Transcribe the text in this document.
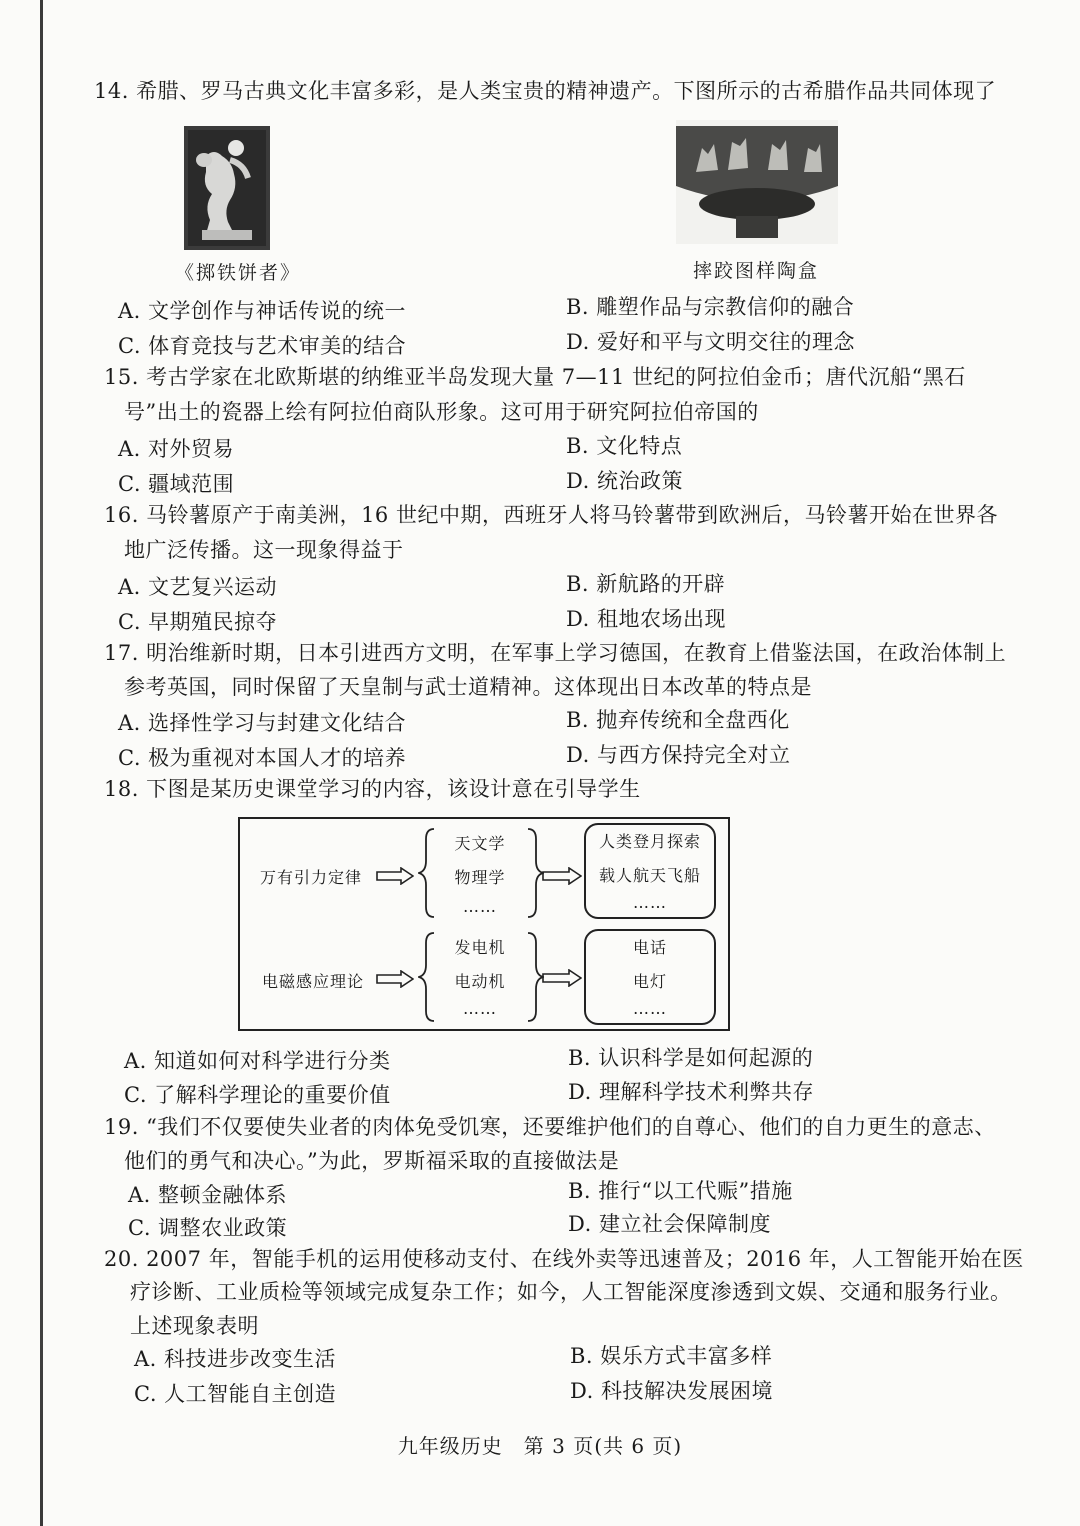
14. 希腊、罗马古典文化丰富多彩，是人类宝贵的精神遗产。下图所示的古希腊作品共同体现了
《掷铁饼者》	摔跤图样陶盒
A. 文学创作与神话传说的统一	B. 雕塑作品与宗教信仰的融合
C. 体育竞技与艺术审美的结合	D. 爱好和平与文明交往的理念
15. 考古学家在北欧斯堪的纳维亚半岛发现大量 7—11 世纪的阿拉伯金币；唐代沉船“黑石
号”出土的瓷器上绘有阿拉伯商队形象。这可用于研究阿拉伯帝国的
A. 对外贸易	B. 文化特点
C. 疆域范围	D. 统治政策
16. 马铃薯原产于南美洲，16 世纪中期，西班牙人将马铃薯带到欧洲后，马铃薯开始在世界各
地广泛传播。这一现象得益于
A. 文艺复兴运动	B. 新航路的开辟
C. 早期殖民掠夺	D. 租地农场出现
17. 明治维新时期，日本引进西方文明，在军事上学习德国，在教育上借鉴法国，在政治体制上
参考英国，同时保留了天皇制与武士道精神。这体现出日本改革的特点是
A. 选择性学习与封建文化结合	B. 抛弃传统和全盘西化
C. 极为重视对本国人才的培养	D. 与西方保持完全对立
18. 下图是某历史课堂学习的内容，该设计意在引导学生
万有引力定律
天文学
物理学
……
人类登月探索
载人航天飞船
……
电磁感应理论
发电机
电动机
……
电话
电灯
……
A. 知道如何对科学进行分类	B. 认识科学是如何起源的
C. 了解科学理论的重要价值	D. 理解科学技术利弊共存
19. “我们不仅要使失业者的肉体免受饥寒，还要维护他们的自尊心、他们的自力更生的意志、
他们的勇气和决心。”为此，罗斯福采取的直接做法是
A. 整顿金融体系	B. 推行“以工代赈”措施
C. 调整农业政策	D. 建立社会保障制度
20. 2007 年，智能手机的运用使移动支付、在线外卖等迅速普及；2016 年，人工智能开始在医
疗诊断、工业质检等领域完成复杂工作；如今，人工智能深度渗透到文娱、交通和服务行业。
上述现象表明
A. 科技进步改变生活	B. 娱乐方式丰富多样
C. 人工智能自主创造	D. 科技解决发展困境
九年级历史　第 3 页(共 6 页)
